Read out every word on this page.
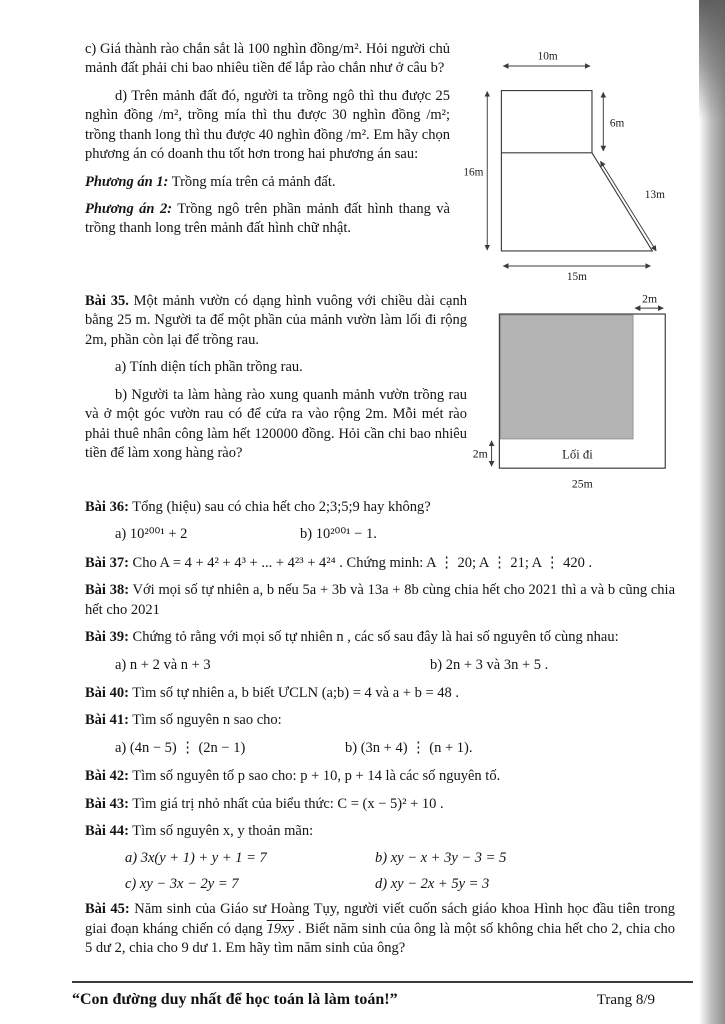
c) Giá thành rào chắn sắt là 100 nghìn đồng/m². Hỏi người chủ mảnh đất phải chi bao nhiêu tiền để lắp rào chắn như ở câu b?

d) Trên mảnh đất đó, người ta trồng ngô thì thu được 25 nghìn đồng /m², trồng mía thì thu được 30 nghìn đồng /m²; trồng thanh long thì thu được 40 nghìn đồng /m². Em hãy chọn phương án có doanh thu tốt hơn trong hai phương án sau:

Phương án 1: Trồng mía trên cả mảnh đất.

Phương án 2: Trồng ngô trên phần mảnh đất hình thang và trồng thanh long trên mảnh đất hình chữ nhật.

10m
6m
16m
13m
15m

Bài 35. Một mảnh vườn có dạng hình vuông với chiều dài cạnh bằng 25 m. Người ta để một phần của mảnh vườn làm lối đi rộng 2m, phần còn lại để trồng rau.

a) Tính diện tích phần trồng rau.

b) Người ta làm hàng rào xung quanh mảnh vườn trồng rau và ở một góc vườn rau có để cửa ra vào rộng 2m. Mỗi mét rào phải thuê nhân công làm hết 120000 đồng. Hỏi cần chi bao nhiêu tiền để làm xong hàng rào?

2m
2m	Lối đi
25m

Bài 36: Tổng (hiệu) sau có chia hết cho 2;3;5;9 hay không?

a) 10²⁰⁰¹ + 2	b) 10²⁰⁰¹ − 1.

Bài 37: Cho A = 4 + 4² + 4³ + ... + 4²³ + 4²⁴ . Chứng minh: A ⋮ 20; A ⋮ 21; A ⋮ 420 .

Bài 38: Với mọi số tự nhiên a, b nếu 5a + 3b và 13a + 8b cùng chia hết cho 2021 thì a và b cũng chia hết cho 2021

Bài 39: Chứng tỏ rằng với mọi số tự nhiên n , các số sau đây là hai số nguyên tố cùng nhau:

a) n + 2 và n + 3	b) 2n + 3 và 3n + 5 .

Bài 40: Tìm số tự nhiên a, b biết ƯCLN (a;b) = 4 và a + b = 48 .

Bài 41: Tìm số nguyên n sao cho:

a) (4n − 5) ⋮ (2n − 1)	b) (3n + 4) ⋮ (n + 1).

Bài 42: Tìm số nguyên tố p sao cho: p + 10, p + 14 là các số nguyên tố.

Bài 43: Tìm giá trị nhỏ nhất của biểu thức: C = (x − 5)² + 10 .

Bài 44: Tìm số nguyên x, y thoản mãn:

a) 3x(y + 1) + y + 1 = 7	b) xy − x + 3y − 3 = 5
c) xy − 3x − 2y = 7	d) xy − 2x + 5y = 3

Bài 45: Năm sinh của Giáo sư Hoàng Tụy, người viết cuốn sách giáo khoa Hình học đầu tiên trong giai đoạn kháng chiến có dạng 19xy . Biết năm sinh của ông là một số không chia hết cho 2, chia cho 5 dư 2, chia cho 9 dư 1. Em hãy tìm năm sinh của ông?

“Con đường duy nhất để học toán là làm toán!”	Trang 8/9
